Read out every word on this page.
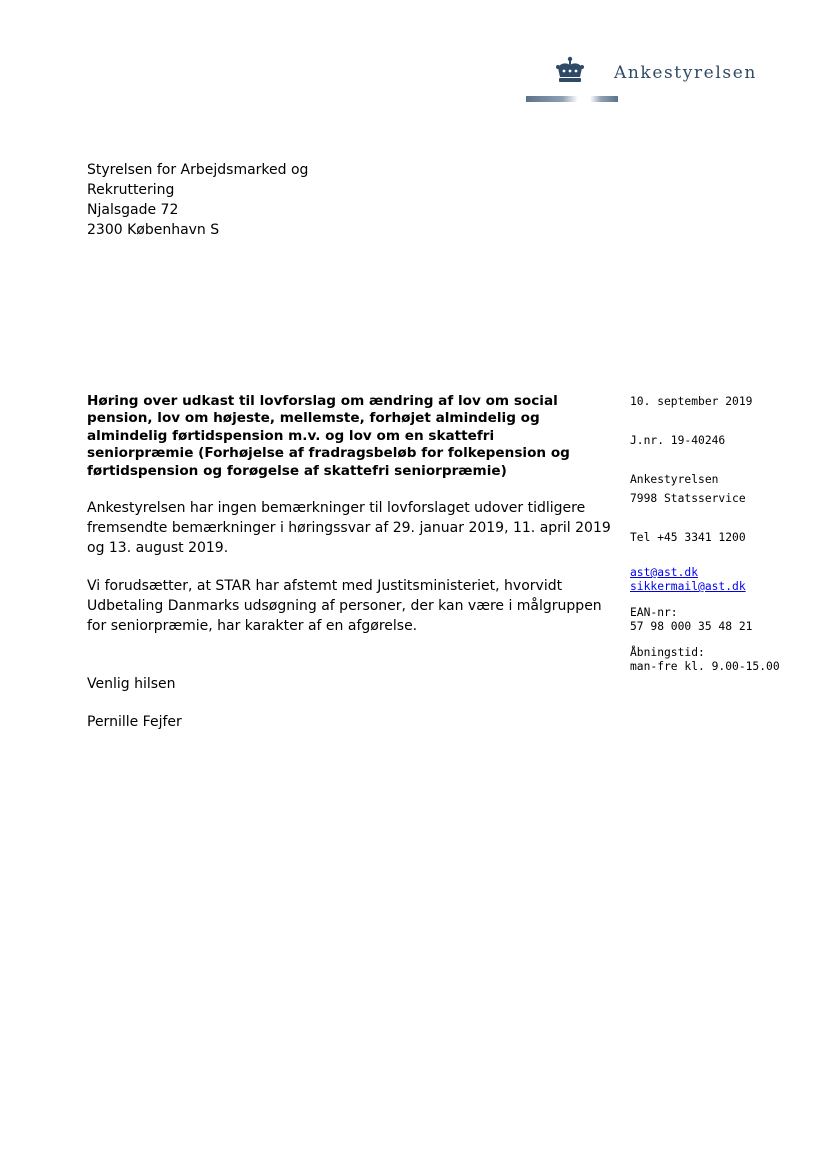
Ankestyrelsen
Styrelsen for Arbejdsmarked og
Rekruttering
Njalsgade 72
2300 København S
Høring over udkast til lovforslag om ændring af lov om social
pension, lov om højeste, mellemste, forhøjet almindelig og
almindelig førtidspension m.v. og lov om en skattefri
seniorpræmie (Forhøjelse af fradragsbeløb for folkepension og
førtidspension og forøgelse af skattefri seniorpræmie)
Ankestyrelsen har ingen bemærkninger til lovforslaget udover tidligere
fremsendte bemærkninger i høringssvar af 29. januar 2019, 11. april 2019
og 13. august 2019.
Vi forudsætter, at STAR har afstemt med Justitsministeriet, hvorvidt
Udbetaling Danmarks udsøgning af personer, der kan være i målgruppen
for seniorpræmie, har karakter af en afgørelse.
Venlig hilsen
Pernille Fejfer
10. september 2019
J.nr. 19-40246
Ankestyrelsen
7998 Statsservice
Tel +45 3341 1200
ast@ast.dk
sikkermail@ast.dk
EAN-nr:
57 98 000 35 48 21
Åbningstid:
man-fre kl. 9.00-15.00
